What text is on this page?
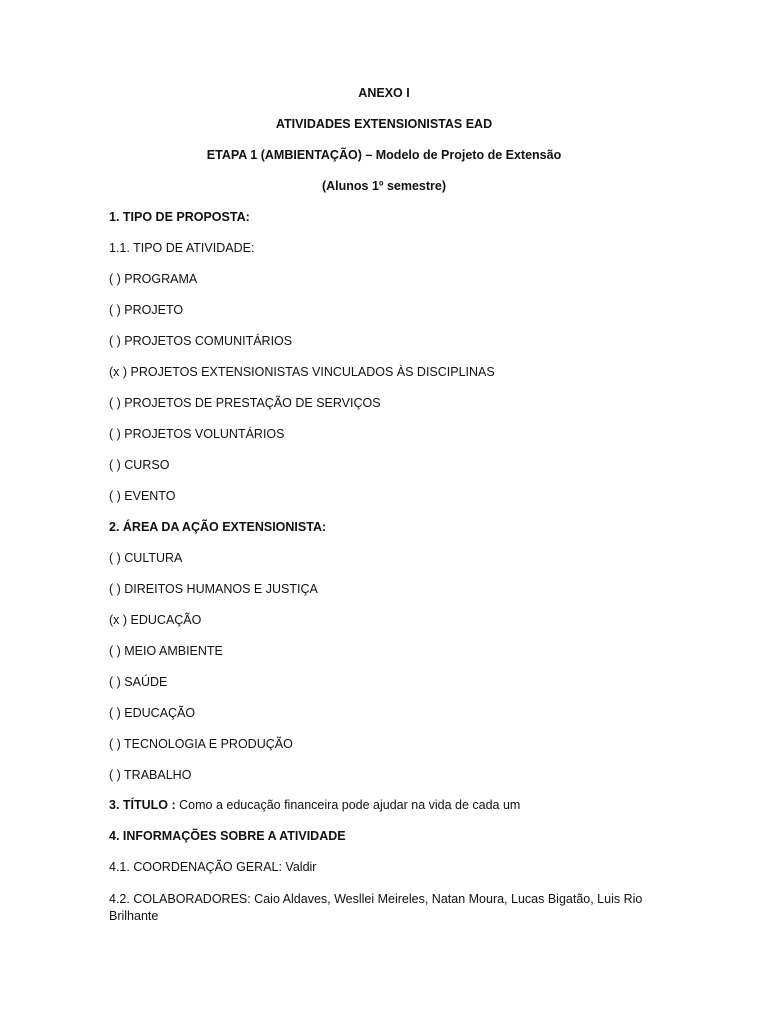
ANEXO I
ATIVIDADES EXTENSIONISTAS EAD
ETAPA 1 (AMBIENTAÇÃO) – Modelo de Projeto de Extensão
(Alunos 1º semestre)
1. TIPO DE PROPOSTA:
1.1. TIPO DE ATIVIDADE:
( ) PROGRAMA
( ) PROJETO
( ) PROJETOS COMUNITÁRIOS
(x ) PROJETOS EXTENSIONISTAS VINCULADOS ÀS DISCIPLINAS
( ) PROJETOS DE PRESTAÇÃO DE SERVIÇOS
( ) PROJETOS VOLUNTÁRIOS
( ) CURSO
( ) EVENTO
2. ÁREA DA AÇÃO EXTENSIONISTA:
( ) CULTURA
( ) DIREITOS HUMANOS E JUSTIÇA
(x ) EDUCAÇÃO
( ) MEIO AMBIENTE
( ) SAÚDE
( ) EDUCAÇÃO
( ) TECNOLOGIA E PRODUÇÃO
( ) TRABALHO
3. TÍTULO : Como a educação financeira pode ajudar na vida de cada um
4. INFORMAÇÕES SOBRE A ATIVIDADE
4.1. COORDENAÇÃO GERAL: Valdir
4.2. COLABORADORES: Caio Aldaves, Wesllei Meireles, Natan Moura, Lucas Bigatão, Luis Rio Brilhante
